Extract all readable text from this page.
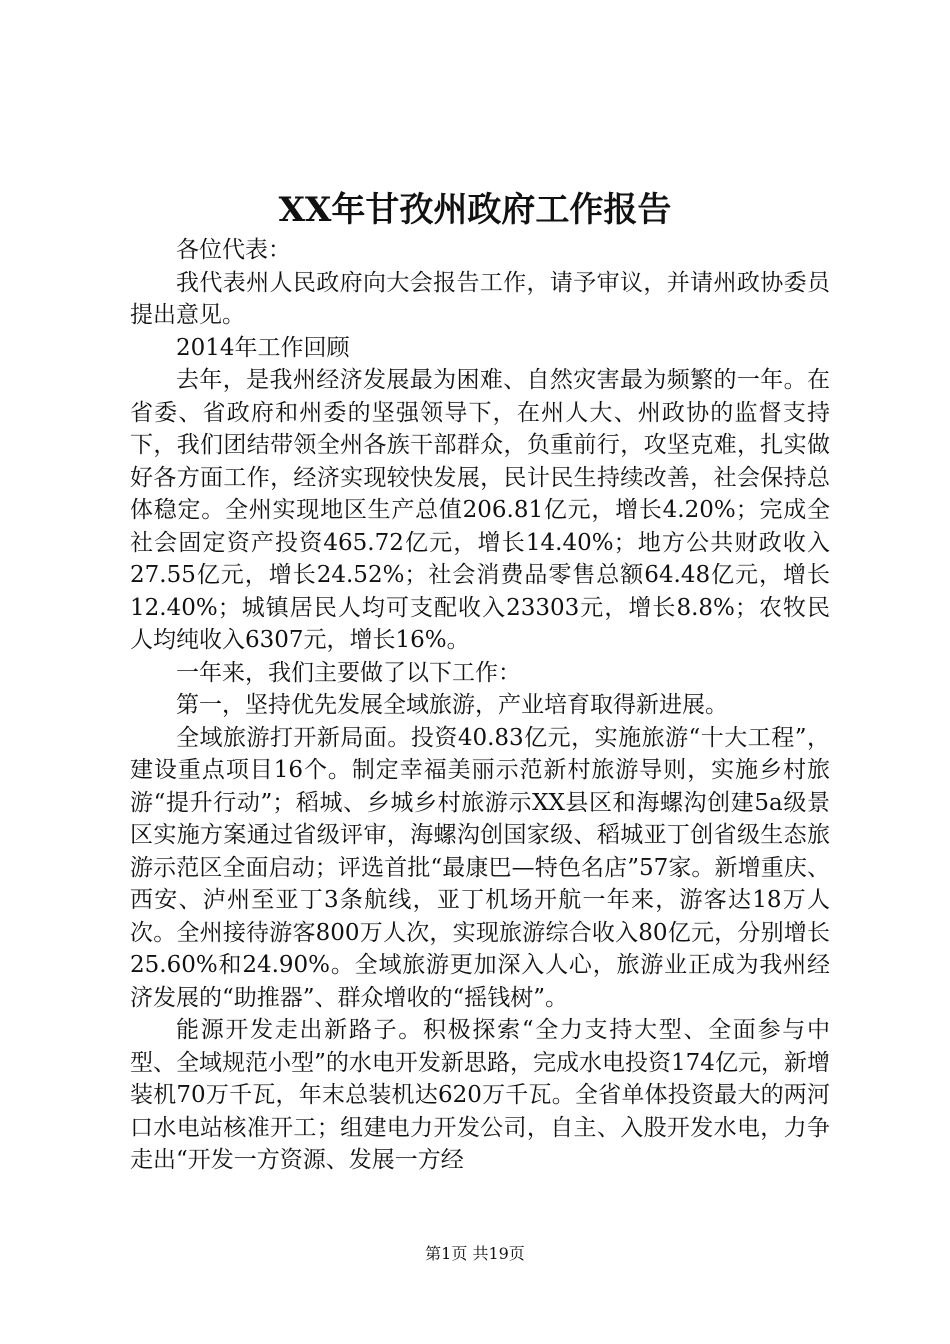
XX年甘孜州政府工作报告

各位代表：

我代表州人民政府向大会报告工作，请予审议，并请州政协委员提出意见。

2014年工作回顾

去年，是我州经济发展最为困难、自然灾害最为频繁的一年。在省委、省政府和州委的坚强领导下，在州人大、州政协的监督支持下，我们团结带领全州各族干部群众，负重前行，攻坚克难，扎实做好各方面工作，经济实现较快发展，民计民生持续改善，社会保持总体稳定。全州实现地区生产总值206.81亿元，增长4.20%；完成全社会固定资产投资465.72亿元，增长14.40%；地方公共财政收入27.55亿元，增长24.52%；社会消费品零售总额64.48亿元，增长12.40%；城镇居民人均可支配收入23303元，增长8.8%；农牧民人均纯收入6307元，增长16%。

一年来，我们主要做了以下工作：

第一，坚持优先发展全域旅游，产业培育取得新进展。

全域旅游打开新局面。投资40.83亿元，实施旅游“十大工程”，建设重点项目16个。制定幸福美丽示范新村旅游导则，实施乡村旅游“提升行动”；稻城、乡城乡村旅游示XX县区和海螺沟创建5a级景区实施方案通过省级评审，海螺沟创国家级、稻城亚丁创省级生态旅游示范区全面启动；评选首批“最康巴—特色名店”57家。新增重庆、西安、泸州至亚丁3条航线，亚丁机场开航一年来，游客达18万人次。全州接待游客800万人次，实现旅游综合收入80亿元，分别增长25.60%和24.90%。全域旅游更加深入人心，旅游业正成为我州经济发展的“助推器”、群众增收的“摇钱树”。

能源开发走出新路子。积极探索“全力支持大型、全面参与中型、全域规范小型”的水电开发新思路，完成水电投资174亿元，新增装机70万千瓦，年末总装机达620万千瓦。全省单体投资最大的两河口水电站核准开工；组建电力开发公司，自主、入股开发水电，力争走出“开发一方资源、发展一方经

第1页 共19页
